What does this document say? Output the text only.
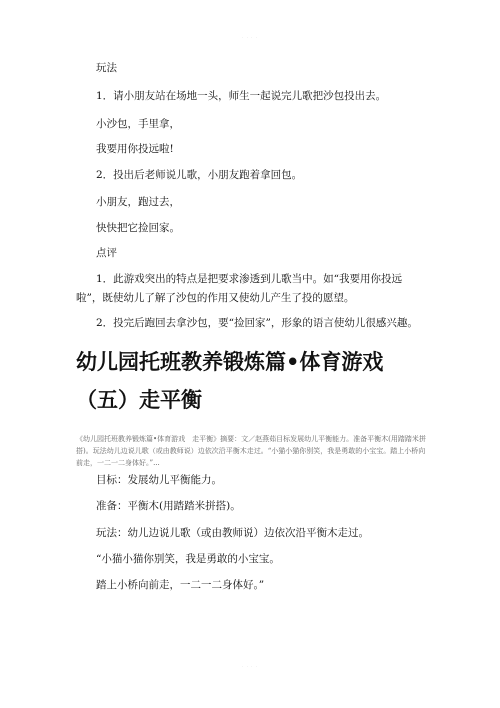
· · · ·
玩法
1．请小朋友站在场地一头，师生一起说完儿歌把沙包投出去。
小沙包，手里拿，
我要用你投远啦!
2．投出后老师说儿歌，小朋友跑着拿回包。
小朋友，跑过去，
快快把它捡回家。
点评
1．此游戏突出的特点是把要求渗透到儿歌当中。如“我要用你投远啦”，既使幼儿了解了沙包的作用又使幼儿产生了投的愿望。
2．投完后跑回去拿沙包，要“捡回家”，形象的语言使幼儿很感兴趣。
幼儿园托班教养锻炼篇•体育游戏（五）走平衡
《幼儿园托班教养锻炼篇•体育游戏　走平衡》摘要：文／赵燕茹目标发展幼儿平衡能力。准备平衡木(用踏踏米拼搭)。玩法幼儿边说儿歌（或由教师说）边依次沿平衡木走过。“小猫小猫你别笑，我是勇敢的小宝宝。踏上小桥向前走，一二一二身体好。”...
目标：发展幼儿平衡能力。
准备：平衡木(用踏踏米拼搭)。
玩法：幼儿边说儿歌（或由教师说）边依次沿平衡木走过。
“小猫小猫你别笑，我是勇敢的小宝宝。
踏上小桥向前走，一二一二身体好。”
· · · ·
